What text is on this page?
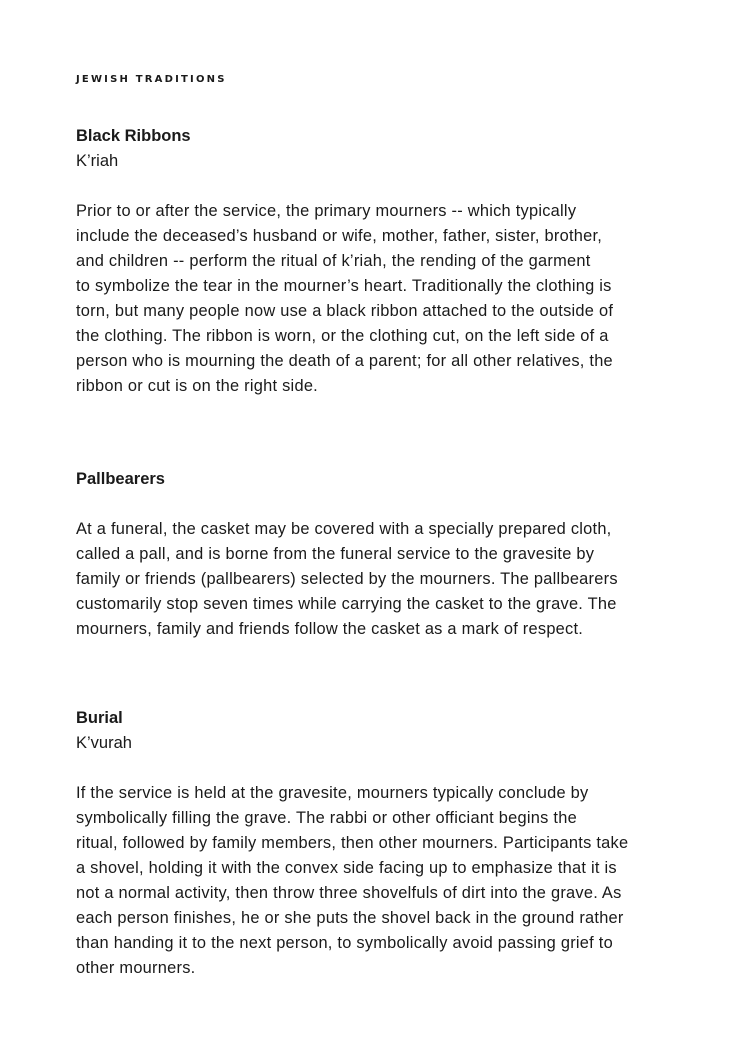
JEWISH TRADITIONS
Black Ribbons
K’riah
Prior to or after the service, the primary mourners -- which typically
include the deceased’s husband or wife, mother, father, sister, brother,
and children -- perform the ritual of k’riah, the rending of the garment
to symbolize the tear in the mourner’s heart. Traditionally the clothing is
torn, but many people now use a black ribbon attached to the outside of
the clothing. The ribbon is worn, or the clothing cut, on the left side of a
person who is mourning the death of a parent; for all other relatives, the
ribbon or cut is on the right side.
Pallbearers
At a funeral, the casket may be covered with a specially prepared cloth,
called a pall, and is borne from the funeral service to the gravesite by
family or friends (pallbearers) selected by the mourners. The pallbearers
customarily stop seven times while carrying the casket to the grave. The
mourners, family and friends follow the casket as a mark of respect.
Burial
K’vurah
If the service is held at the gravesite, mourners typically conclude by
symbolically filling the grave. The rabbi or other officiant begins the
ritual, followed by family members, then other mourners. Participants take
a shovel, holding it with the convex side facing up to emphasize that it is
not a normal activity, then throw three shovelfuls of dirt into the grave. As
each person finishes, he or she puts the shovel back in the ground rather
than handing it to the next person, to symbolically avoid passing grief to
other mourners.
